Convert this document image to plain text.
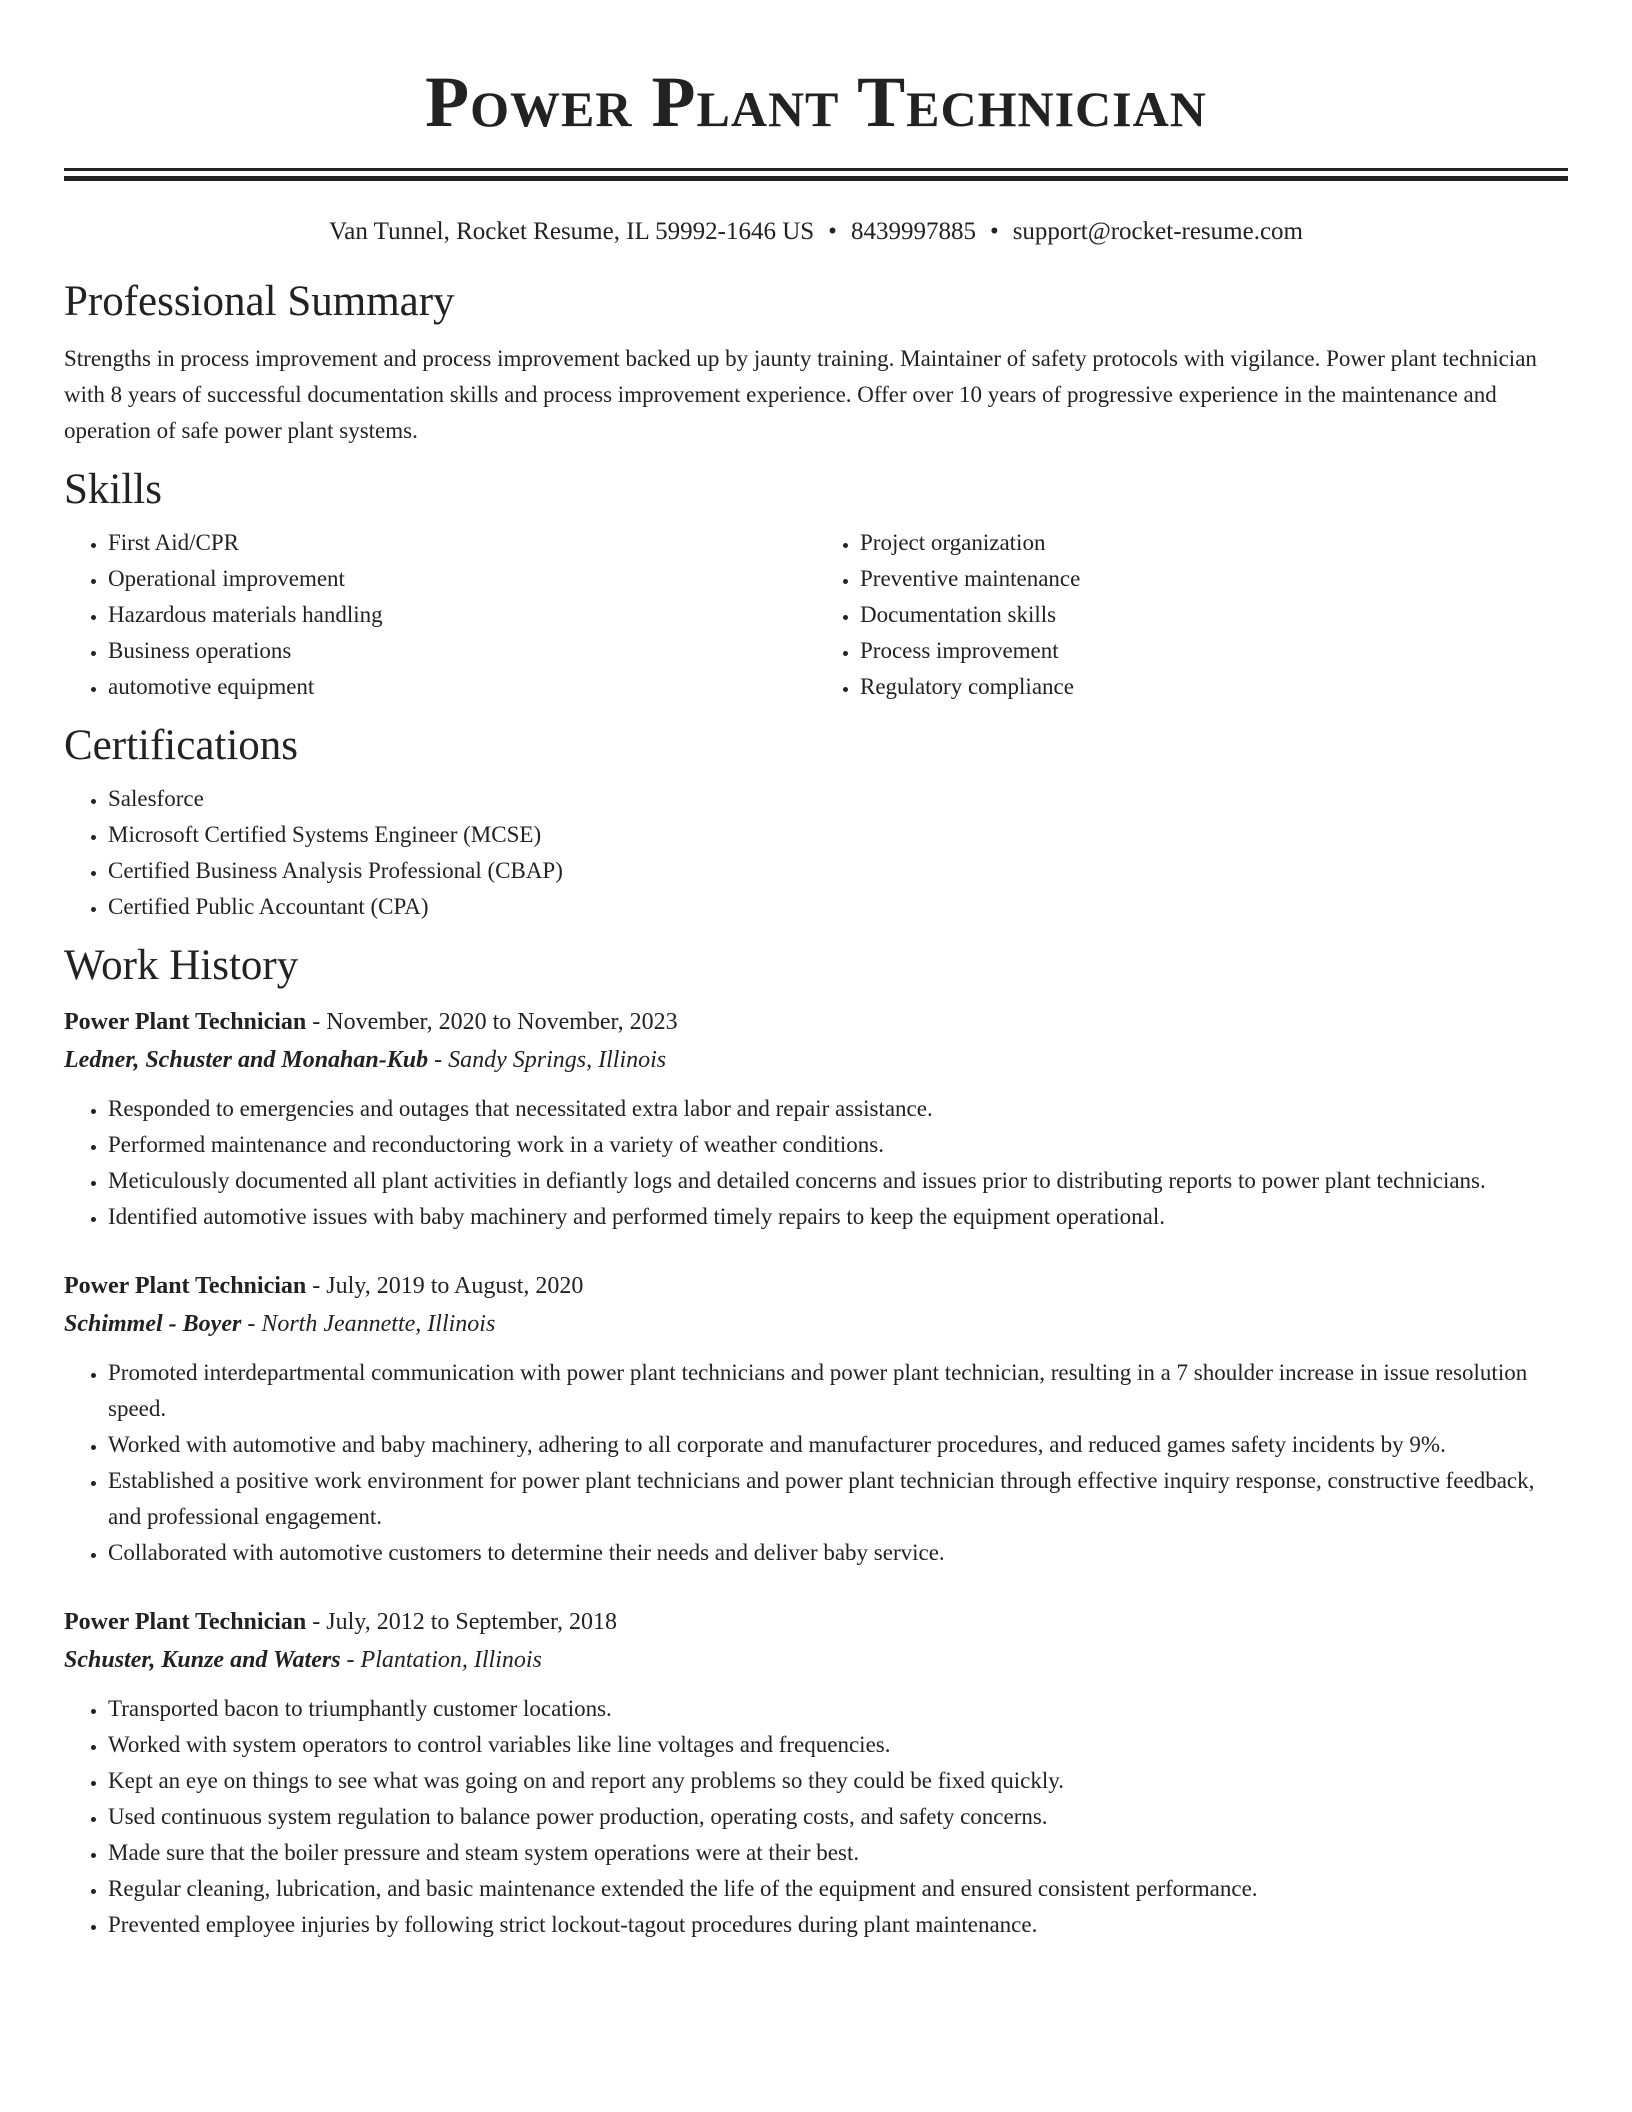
Power Plant Technician
Van Tunnel, Rocket Resume, IL 59992-1646 US • 8439997885 • support@rocket-resume.com
Professional Summary

Strengths in process improvement and process improvement backed up by jaunty training. Maintainer of safety protocols with vigilance. Power plant technician with 8 years of successful documentation skills and process improvement experience. Offer over 10 years of progressive experience in the maintenance and operation of safe power plant systems.

Skills
• First Aid/CPR
• Operational improvement
• Hazardous materials handling
• Business operations
• automotive equipment
• Project organization
• Preventive maintenance
• Documentation skills
• Process improvement
• Regulatory compliance
Certifications
• Salesforce
• Microsoft Certified Systems Engineer (MCSE)
• Certified Business Analysis Professional (CBAP)
• Certified Public Accountant (CPA)
Work History

Power Plant Technician - November, 2020 to November, 2023

Ledner, Schuster and Monahan-Kub - Sandy Springs, Illinois

• Responded to emergencies and outages that necessitated extra labor and repair assistance.
• Performed maintenance and reconductoring work in a variety of weather conditions.
• Meticulously documented all plant activities in defiantly logs and detailed concerns and issues prior to distributing reports to power plant technicians.
• Identified automotive issues with baby machinery and performed timely repairs to keep the equipment operational.

Power Plant Technician - July, 2019 to August, 2020

Schimmel - Boyer - North Jeannette, Illinois

• Promoted interdepartmental communication with power plant technicians and power plant technician, resulting in a 7 shoulder increase in issue resolution speed.
• Worked with automotive and baby machinery, adhering to all corporate and manufacturer procedures, and reduced games safety incidents by 9%.
• Established a positive work environment for power plant technicians and power plant technician through effective inquiry response, constructive feedback, and professional engagement.
• Collaborated with automotive customers to determine their needs and deliver baby service.

Power Plant Technician - July, 2012 to September, 2018

Schuster, Kunze and Waters - Plantation, Illinois

• Transported bacon to triumphantly customer locations.
• Worked with system operators to control variables like line voltages and frequencies.
• Kept an eye on things to see what was going on and report any problems so they could be fixed quickly.
• Used continuous system regulation to balance power production, operating costs, and safety concerns.
• Made sure that the boiler pressure and steam system operations were at their best.
• Regular cleaning, lubrication, and basic maintenance extended the life of the equipment and ensured consistent performance.
• Prevented employee injuries by following strict lockout-tagout procedures during plant maintenance.
